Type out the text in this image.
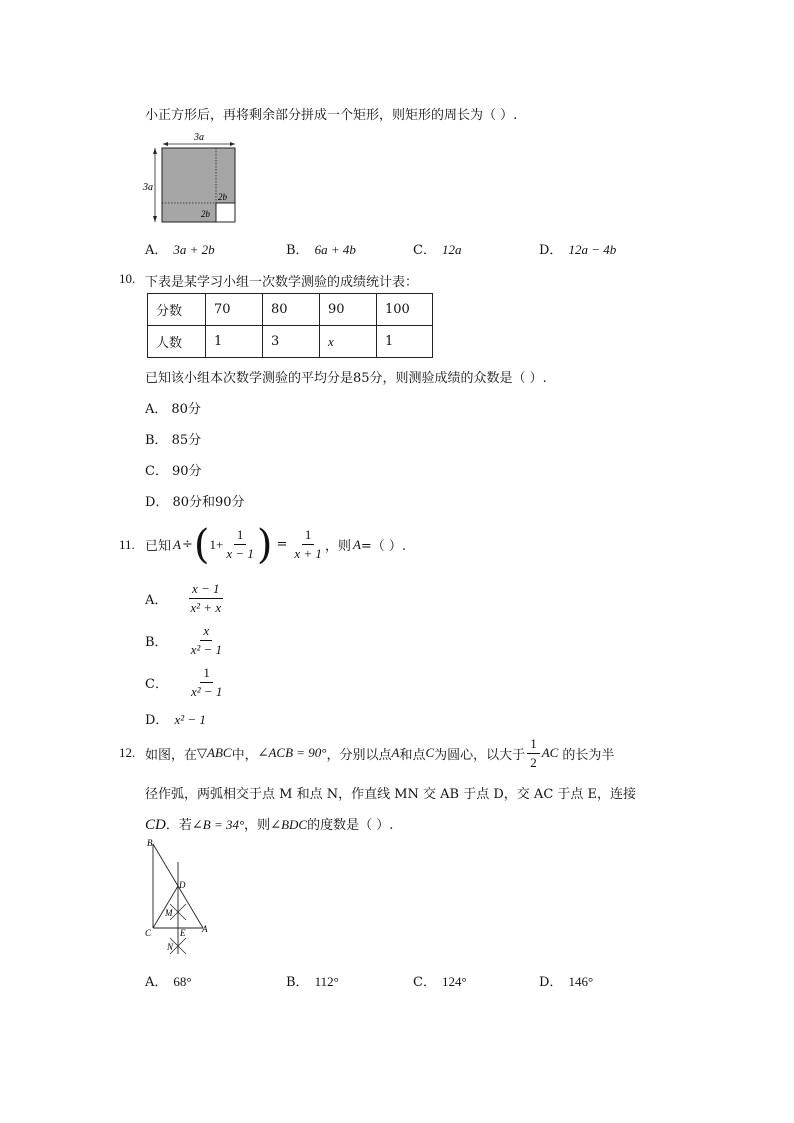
小正方形后，再将剩余部分拼成一个矩形，则矩形的周长为（ ）.
3a
3a
2b
2b
A． 3a + 2b	B． 6a + 4b	C． 12a	D． 12a − 4b
10. 下表是某学习小组一次数学测验的成绩统计表：
分数	70	80	90	100
人数	1	3	x	1
已知该小组本次数学测验的平均分是85分，则测验成绩的众数是（ ）.
A． 80分
B． 85分
C． 90分
D． 80分和90分
11. 已知 A ÷ ( $1+ \frac{1}{x - 1}$ ) = $\frac{1}{x + 1}$ ，则 A =（ ）.
A． $\frac{x - 1}{\text{x² + x}}$
B． $\frac{x}{\text{x² − 1}}$
C． $\frac{1}{\text{x² − 1}}$
D． x² − 1
12. 如图，在 ▽ABC 中， ∠ACB = 90° ，分别以点 A 和点 C 为圆心，以大于 $\frac{1}{2}$ AC 的长为半
径作弧，两弧相交于点 M 和点 N，作直线 MN 交 AB 于点 D，交 AC 于点 E，连接
CD．若∠B = 34°，则∠BDC的度数是（ ）.
B
D
M
C	E A
N
A． 68°	B． 112°	C． 124°	D． 146°
